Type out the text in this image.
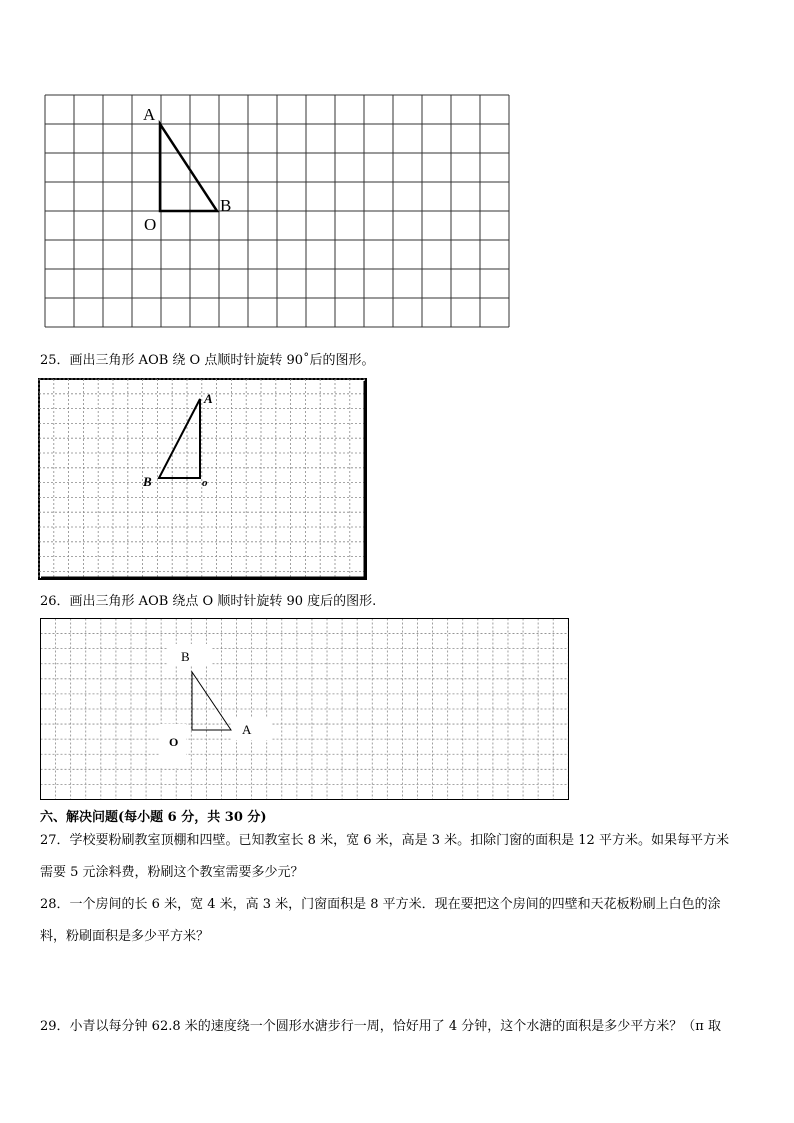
A
B
O
25．画出三角形 AOB 绕 O 点顺时针旋转 90˚后的图形。
A
B	o
26．画出三角形 AOB 绕点 O 顺时针旋转 90 度后的图形.
B
A
O
六、解决问题(每小题 6 分，共 30 分)
27．学校要粉刷教室顶棚和四壁。已知教室长 8 米，宽 6 米，高是 3 米。扣除门窗的面积是 12 平方米。如果每平方米
需要 5 元涂料费，粉刷这个教室需要多少元？
28．一个房间的长 6 米，宽 4 米，高 3 米，门窗面积是 8 平方米．现在要把这个房间的四壁和天花板粉刷上白色的涂
料，粉刷面积是多少平方米？
29．小青以每分钟 62.8 米的速度绕一个圆形水溏步行一周，恰好用了 4 分钟，这个水溏的面积是多少平方米？（π 取
